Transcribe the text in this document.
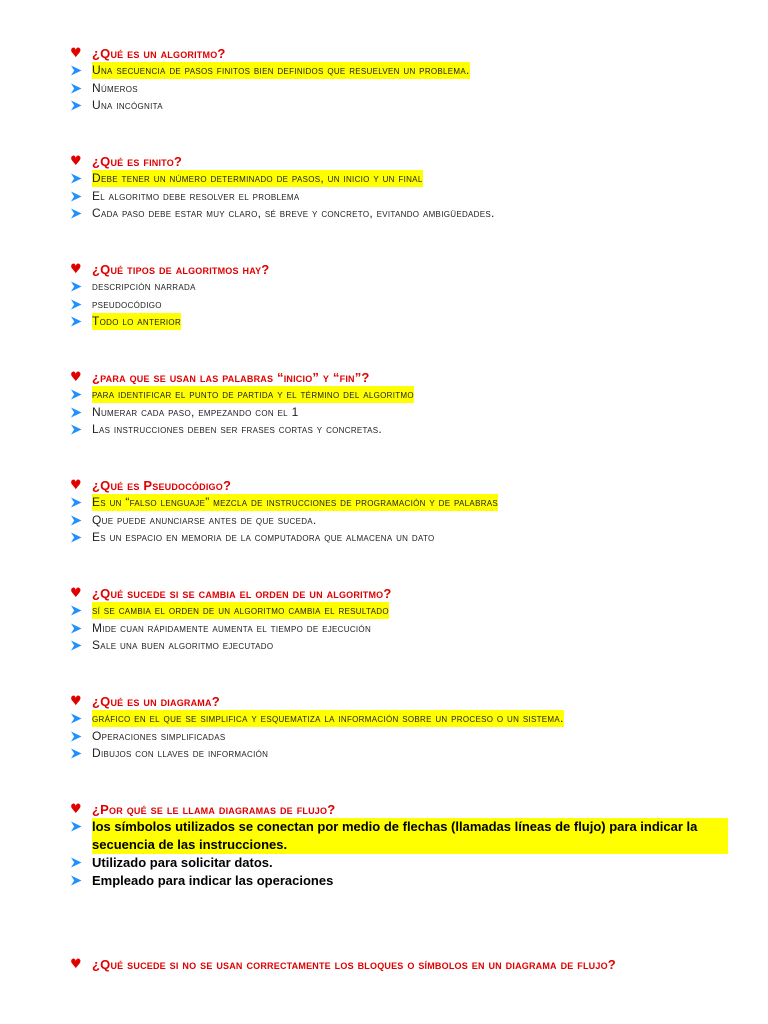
♥ ¿Qué es un algoritmo?
Una secuencia de pasos finitos bien definidos que resuelven un problema.
Números
Una incógnita
♥ ¿Qué es finito?
Debe tener un número determinado de pasos, un inicio y un final
El algoritmo debe resolver el problema
Cada paso debe estar muy claro, sé breve y concreto, evitando ambigüedades.
♥ ¿Qué tipos de algoritmos hay?
descripción narrada
pseudocódigo
Todo lo anterior
♥ ¿para que se usan las palabras “inicio” y “fin”?
para identificar el punto de partida y el término del algoritmo
Numerar cada paso, empezando con el 1
Las instrucciones deben ser frases cortas y concretas.
♥ ¿Qué es Pseudocódigo?
Es un “falso lenguaje” mezcla de instrucciones de programación y de palabras
Que puede anunciarse antes de que suceda.
Es un espacio en memoria de la computadora que almacena un dato
♥ ¿Qué sucede si se cambia el orden de un algoritmo?
sí se cambia el orden de un algoritmo cambia el resultado
Mide cuan rápidamente aumenta el tiempo de ejecución
Sale una buen algoritmo ejecutado
♥ ¿Qué es un diagrama?
gráfico en el que se simplifica y esquematiza la información sobre un proceso o un sistema.
Operaciones simplificadas
Dibujos con llaves de información
♥ ¿Por qué se le llama diagramas de flujo?
los símbolos utilizados se conectan por medio de flechas (llamadas líneas de flujo) para indicar la secuencia de las instrucciones.
Utilizado para solicitar datos.
Empleado para indicar las operaciones
♥ ¿Qué sucede si no se usan correctamente los bloques o símbolos en un diagrama de flujo?
